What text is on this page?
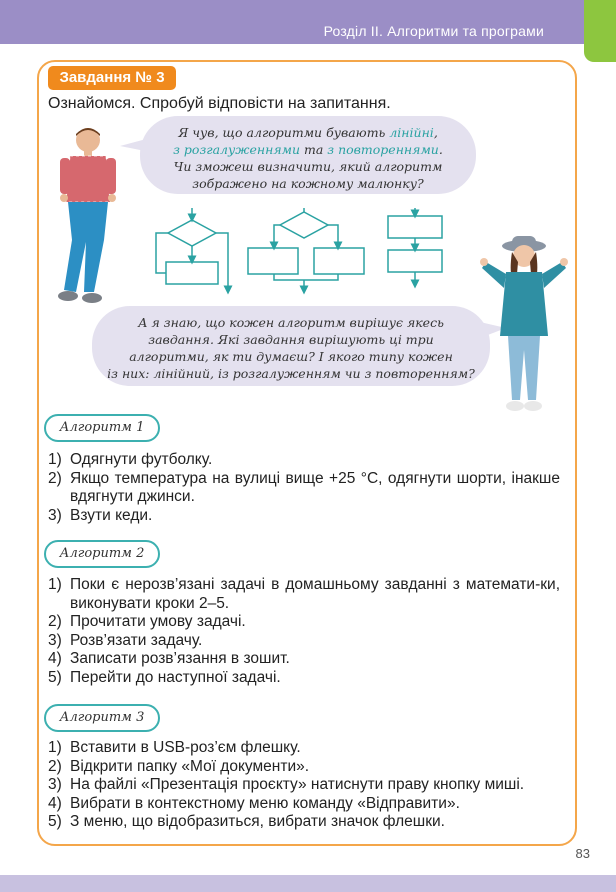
Розділ ІІ. Алгоритми та програми
Завдання № 3
Ознайомся. Спробуй відповісти на запитання.
Я чув, що алгоритми бувають лінійні,
з розгалуженнями та з повтореннями.
Чи зможеш визначити, який алгоритм
зображено на кожному малюнку?
А я знаю, що кожен алгоритм вирішує якесь
завдання. Які завдання вирішують ці три
алгоритми, як ти думаєш? І якого типу кожен
із них: лінійний, із розгалуженням чи з повторенням?
Алгоритм 1
1) Одягнути футболку.
2) Якщо температура на вулиці вище +25 °C, одягнути шорти, інакше вдягнути джинси.
3) Взути кеди.
Алгоритм 2
1) Поки є нерозв’язані задачі в домашньому завданні з математи-ки, виконувати кроки 2–5.
2) Прочитати умову задачі.
3) Розв’язати задачу.
4) Записати розв’язання в зошит.
5) Перейти до наступної задачі.
Алгоритм 3
1) Вставити в USB-роз’єм флешку.
2) Відкрити папку «Мої документи».
3) На файлі «Презентація проєкту» натиснути праву кнопку миші.
4) Вибрати в контекстному меню команду «Відправити».
5) З меню, що відобразиться, вибрати значок флешки.
83
